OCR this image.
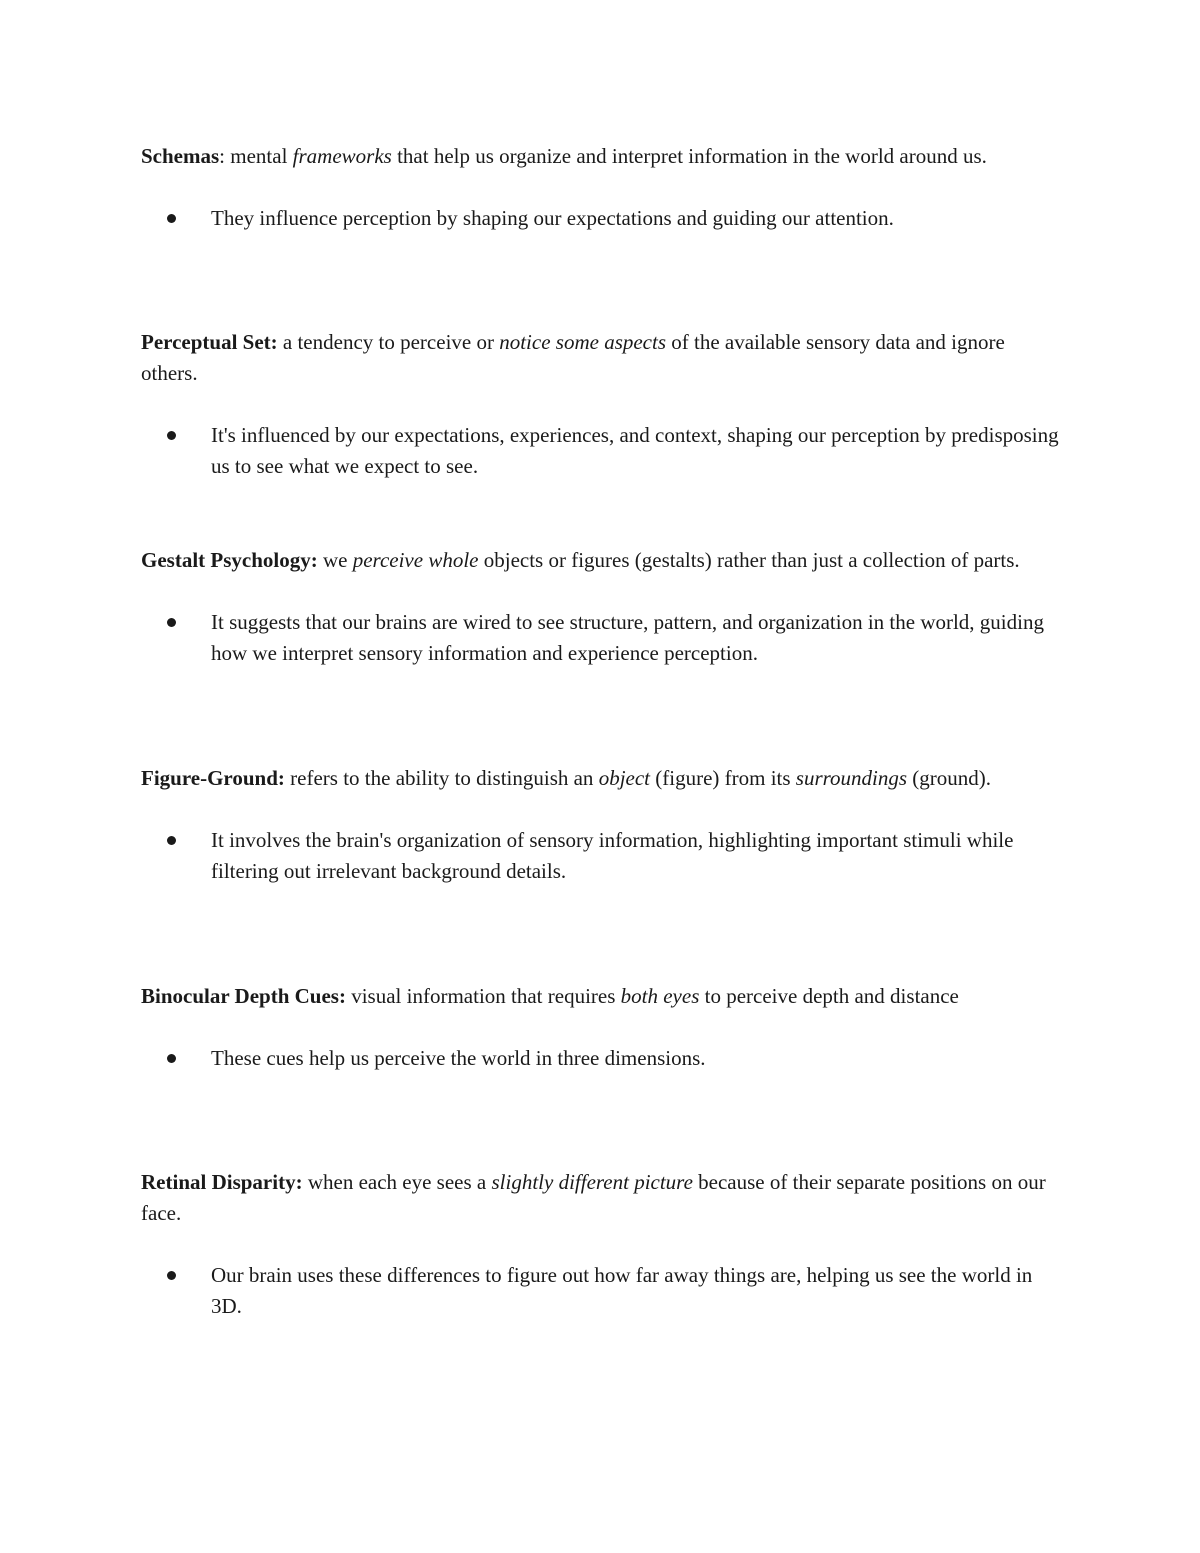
Schemas: mental frameworks that help us organize and interpret information in the world around us.

They influence perception by shaping our expectations and guiding our attention.

Perceptual Set: a tendency to perceive or notice some aspects of the available sensory data and ignore others.

It's influenced by our expectations, experiences, and context, shaping our perception by predisposing us to see what we expect to see.

Gestalt Psychology: we perceive whole objects or figures (gestalts) rather than just a collection of parts.

It suggests that our brains are wired to see structure, pattern, and organization in the world, guiding how we interpret sensory information and experience perception.

Figure-Ground: refers to the ability to distinguish an object (figure) from its surroundings (ground).

It involves the brain's organization of sensory information, highlighting important stimuli while filtering out irrelevant background details.

Binocular Depth Cues: visual information that requires both eyes to perceive depth and distance

These cues help us perceive the world in three dimensions.

Retinal Disparity: when each eye sees a slightly different picture because of their separate positions on our face.

Our brain uses these differences to figure out how far away things are, helping us see the world in 3D.
